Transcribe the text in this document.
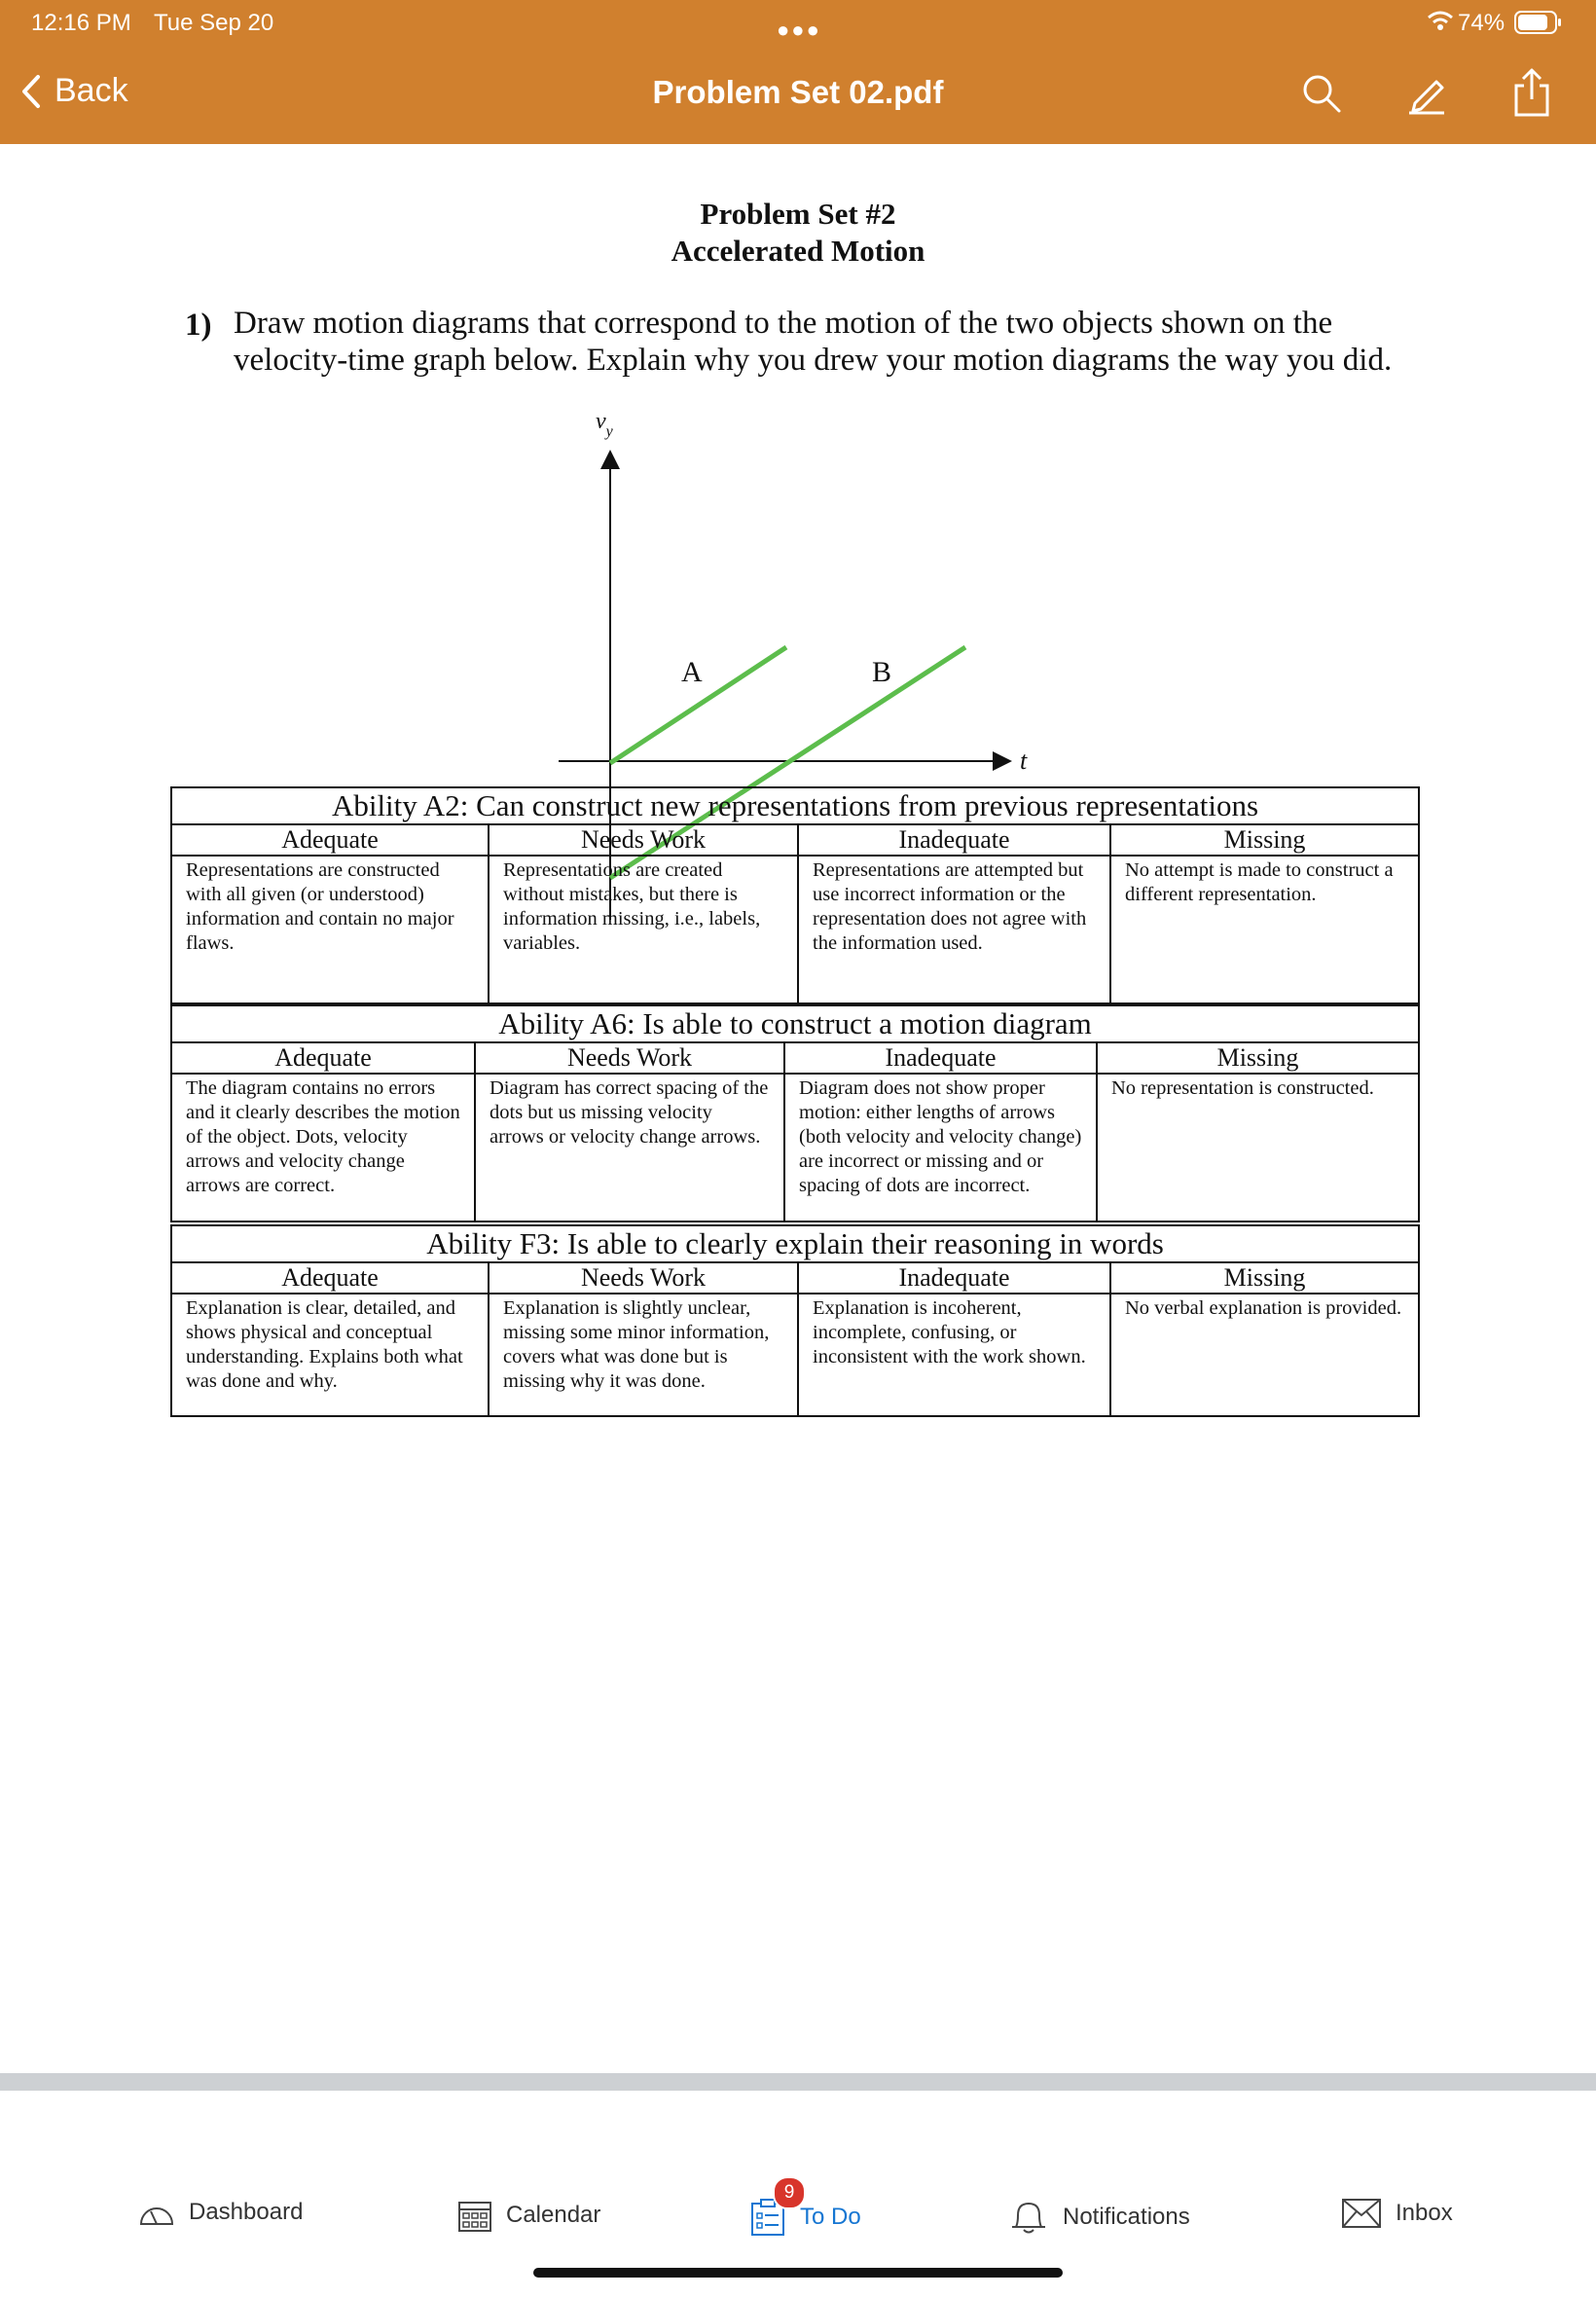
12:16 PM Tue Sep 20	●●●	74%
Back	Problem Set 02.pdf
Problem Set #2
Accelerated Motion
1) Draw motion diagrams that correspond to the motion of the two objects shown on the velocity-time graph below. Explain why you drew your motion diagrams the way you did.
$v_y$
t
A	B
Ability A2: Can construct new representations from previous representations			
Adequate	Needs Work	Inadequate	Missing
Representations are constructed with all given (or understood) information and contain no major flaws.	Representations are created without mistakes, but there is information missing, i.e., labels, variables.	Representations are attempted but use incorrect information or the representation does not agree with the information used.	No attempt is made to construct a different representation.
Ability A6: Is able to construct a motion diagram			
Adequate	Needs Work	Inadequate	Missing
The diagram contains no errors and it clearly describes the motion of the object. Dots, velocity arrows and velocity change arrows are correct.	Diagram has correct spacing of the dots but us missing velocity arrows or velocity change arrows.	Diagram does not show proper motion: either lengths of arrows (both velocity and velocity change) are incorrect or missing and or spacing of dots are incorrect.	No representation is constructed.
Ability F3: Is able to clearly explain their reasoning in words			
Adequate	Needs Work	Inadequate	Missing
Explanation is clear, detailed, and shows physical and conceptual understanding. Explains both what was done and why.	Explanation is slightly unclear, missing some minor information, covers what was done but is missing why it was done.	Explanation is incoherent, incomplete, confusing, or inconsistent with the work shown.	No verbal explanation is provided.
Dashboard	Calendar
9
To Do	Notifications	Inbox
